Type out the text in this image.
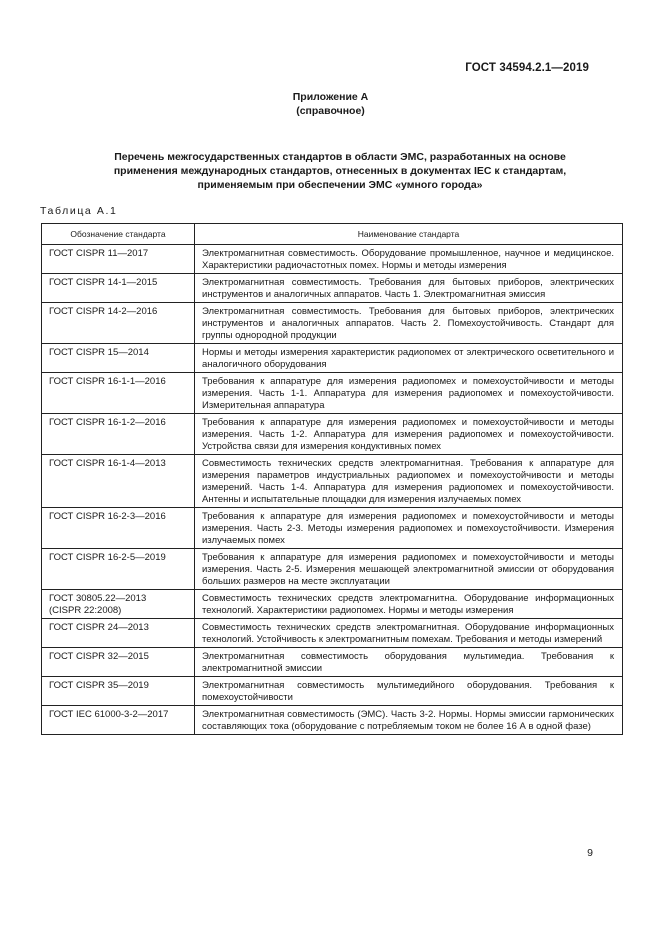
ГОСТ 34594.2.1—2019
Приложение А
(справочное)
Перечень межгосударственных стандартов в области ЭМС, разработанных на основе
применения международных стандартов, отнесенных в документах IEC к стандартам,
применяемым при обеспечении ЭМС «умного города»
Таблица А.1
Обозначение стандарта	Наименование стандарта

ГОСТ CISPR 11—2017	Электромагнитная совместимость. Оборудование промышленное, научное и медицинское. Характеристики радиочастотных помех. Нормы и методы измерения

ГОСТ CISPR 14-1—2015	Электромагнитная совместимость. Требования для бытовых приборов, электрических инструментов и аналогичных аппаратов. Часть 1. Электромагнитная эмиссия

ГОСТ CISPR 14-2—2016	Электромагнитная совместимость. Требования для бытовых приборов, электрических инструментов и аналогичных аппаратов. Часть 2. Помехоустойчивость. Стандарт для группы однородной продукции

ГОСТ CISPR 15—2014	Нормы и методы измерения характеристик радиопомех от электрического осветительного и аналогичного оборудования

ГОСТ CISPR 16-1-1—2016	Требования к аппаратуре для измерения радиопомех и помехоустойчивости и методы измерения. Часть 1-1. Аппаратура для измерения радиопомех и помехоустойчивости. Измерительная аппаратура

ГОСТ CISPR 16-1-2—2016	Требования к аппаратуре для измерения радиопомех и помехоустойчивости и методы измерения. Часть 1-2. Аппаратура для измерения радиопомех и помехоустойчивости. Устройства связи для измерения кондуктивных помех

ГОСТ CISPR 16-1-4—2013	Совместимость технических средств электромагнитная. Требования к аппаратуре для измерения параметров индустриальных радиопомех и помехоустойчивости и методы измерений. Часть 1-4. Аппаратура для измерения радиопомех и помехоустойчивости. Антенны и испытательные площадки для измерения излучаемых помех

ГОСТ CISPR 16-2-3—2016	Требования к аппаратуре для измерения радиопомех и помехоустойчивости и методы измерения. Часть 2-3. Методы измерения радиопомех и помехоустойчивости. Измерения излучаемых помех

ГОСТ CISPR 16-2-5—2019	Требования к аппаратуре для измерения радиопомех и помехоустойчивости и методы измерения. Часть 2-5. Измерения мешающей электромагнитной эмиссии от оборудования больших размеров на месте эксплуатации

ГОСТ 30805.22—2013
(CISPR 22:2008)	Совместимость технических средств электромагнитна. Оборудование информационных технологий. Характеристики радиопомех. Нормы и методы измерения

ГОСТ CISPR 24—2013	Совместимость технических средств электромагнитная. Оборудование информационных технологий. Устойчивость к электромагнитным помехам. Требования и методы измерений

ГОСТ CISPR 32—2015	Электромагнитная совместимость оборудования мультимедиа. Требования к электромагнитной эмиссии

ГОСТ CISPR 35—2019	Электромагнитная совместимость мультимедийного оборудования. Требования к помехоустойчивости

ГОСТ IEC 61000-3-2—2017	Электромагнитная совместимость (ЭМС). Часть 3-2. Нормы. Нормы эмиссии гармонических составляющих тока (оборудование с потребляемым током не более 16 А в одной фазе)
9
